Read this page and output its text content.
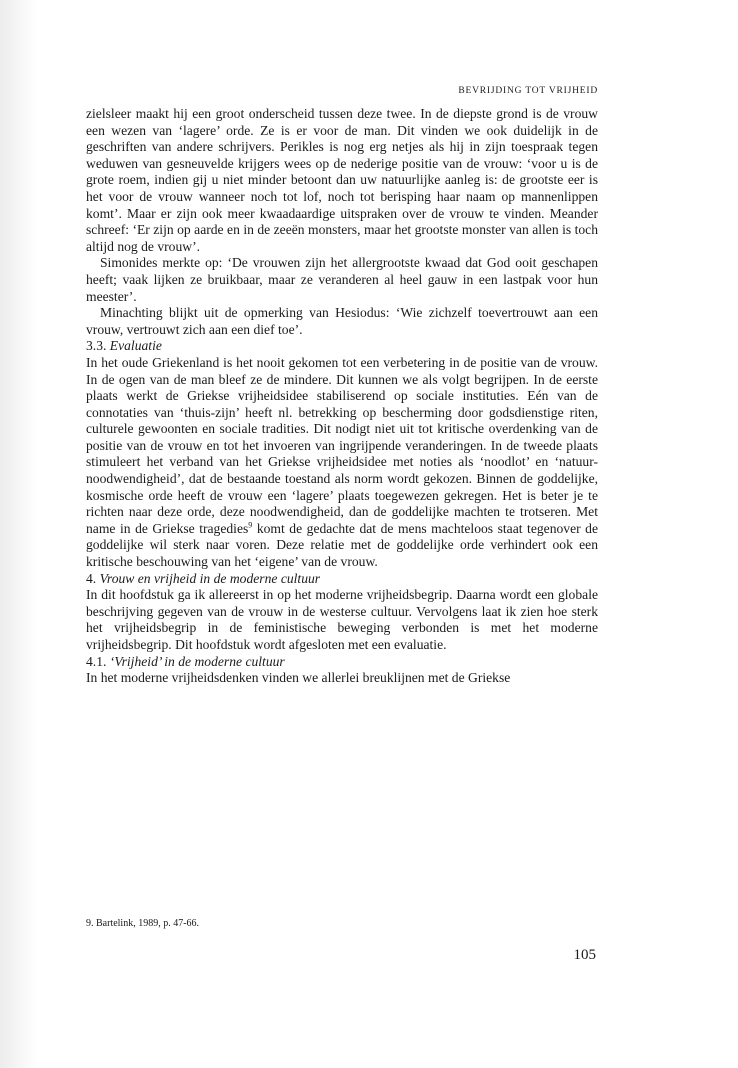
BEVRIJDING TOT VRIJHEID

zielsleer maakt hij een groot onderscheid tussen deze twee. In de diepste grond is de vrouw een wezen van ‘lagere’ orde. Ze is er voor de man. Dit vinden we ook duidelijk in de geschriften van andere schrijvers. Perikles is nog erg netjes als hij in zijn toespraak tegen weduwen van gesneuvelde krijgers wees op de nederige positie van de vrouw: ‘voor u is de grote roem, indien gij u niet minder betoont dan uw natuurlijke aanleg is: de grootste eer is het voor de vrouw wanneer noch tot lof, noch tot berisping haar naam op mannenlippen komt’. Maar er zijn ook meer kwaadaardige uitspraken over de vrouw te vinden. Meander schreef: ‘Er zijn op aarde en in de zeeën monsters, maar het grootste monster van allen is toch altijd nog de vrouw’.

Simonides merkte op: ‘De vrouwen zijn het allergrootste kwaad dat God ooit geschapen heeft; vaak lijken ze bruikbaar, maar ze veranderen al heel gauw in een lastpak voor hun meester’.

Minachting blijkt uit de opmerking van Hesiodus: ‘Wie zichzelf toevertrouwt aan een vrouw, vertrouwt zich aan een dief toe’.

3.3. Evaluatie

In het oude Griekenland is het nooit gekomen tot een verbetering in de positie van de vrouw. In de ogen van de man bleef ze de mindere. Dit kunnen we als volgt begrijpen. In de eerste plaats werkt de Griekse vrijheidsidee stabiliserend op sociale instituties. Eén van de connotaties van ‘thuis-zijn’ heeft nl. betrekking op bescherming door godsdienstige riten, culturele gewoonten en sociale tradities. Dit nodigt niet uit tot kritische overdenking van de positie van de vrouw en tot het invoeren van ingrijpende veranderingen. In de tweede plaats stimuleert het verband van het Griekse vrijheidsidee met noties als ‘noodlot’ en ‘natuur-noodwendigheid’, dat de bestaande toestand als norm wordt gekozen. Binnen de goddelijke, kosmische orde heeft de vrouw een ‘lagere’ plaats toegewezen gekregen. Het is beter je te richten naar deze orde, deze noodwendigheid, dan de goddelijke machten te trotseren. Met name in de Griekse tragedies$^9$ komt de gedachte dat de mens machteloos staat tegenover de goddelijke wil sterk naar voren. Deze relatie met de goddelijke orde verhindert ook een kritische beschouwing van het ‘eigene’ van de vrouw.

4. Vrouw en vrijheid in de moderne cultuur

In dit hoofdstuk ga ik allereerst in op het moderne vrijheidsbegrip. Daarna wordt een globale beschrijving gegeven van de vrouw in de westerse cultuur. Vervolgens laat ik zien hoe sterk het vrijheidsbegrip in de feministische beweging verbonden is met het moderne vrijheidsbegrip. Dit hoofdstuk wordt afgesloten met een evaluatie.

4.1. ‘Vrijheid’ in de moderne cultuur

In het moderne vrijheidsdenken vinden we allerlei breuklijnen met de Griekse

9. Bartelink, 1989, p. 47-66.
105
